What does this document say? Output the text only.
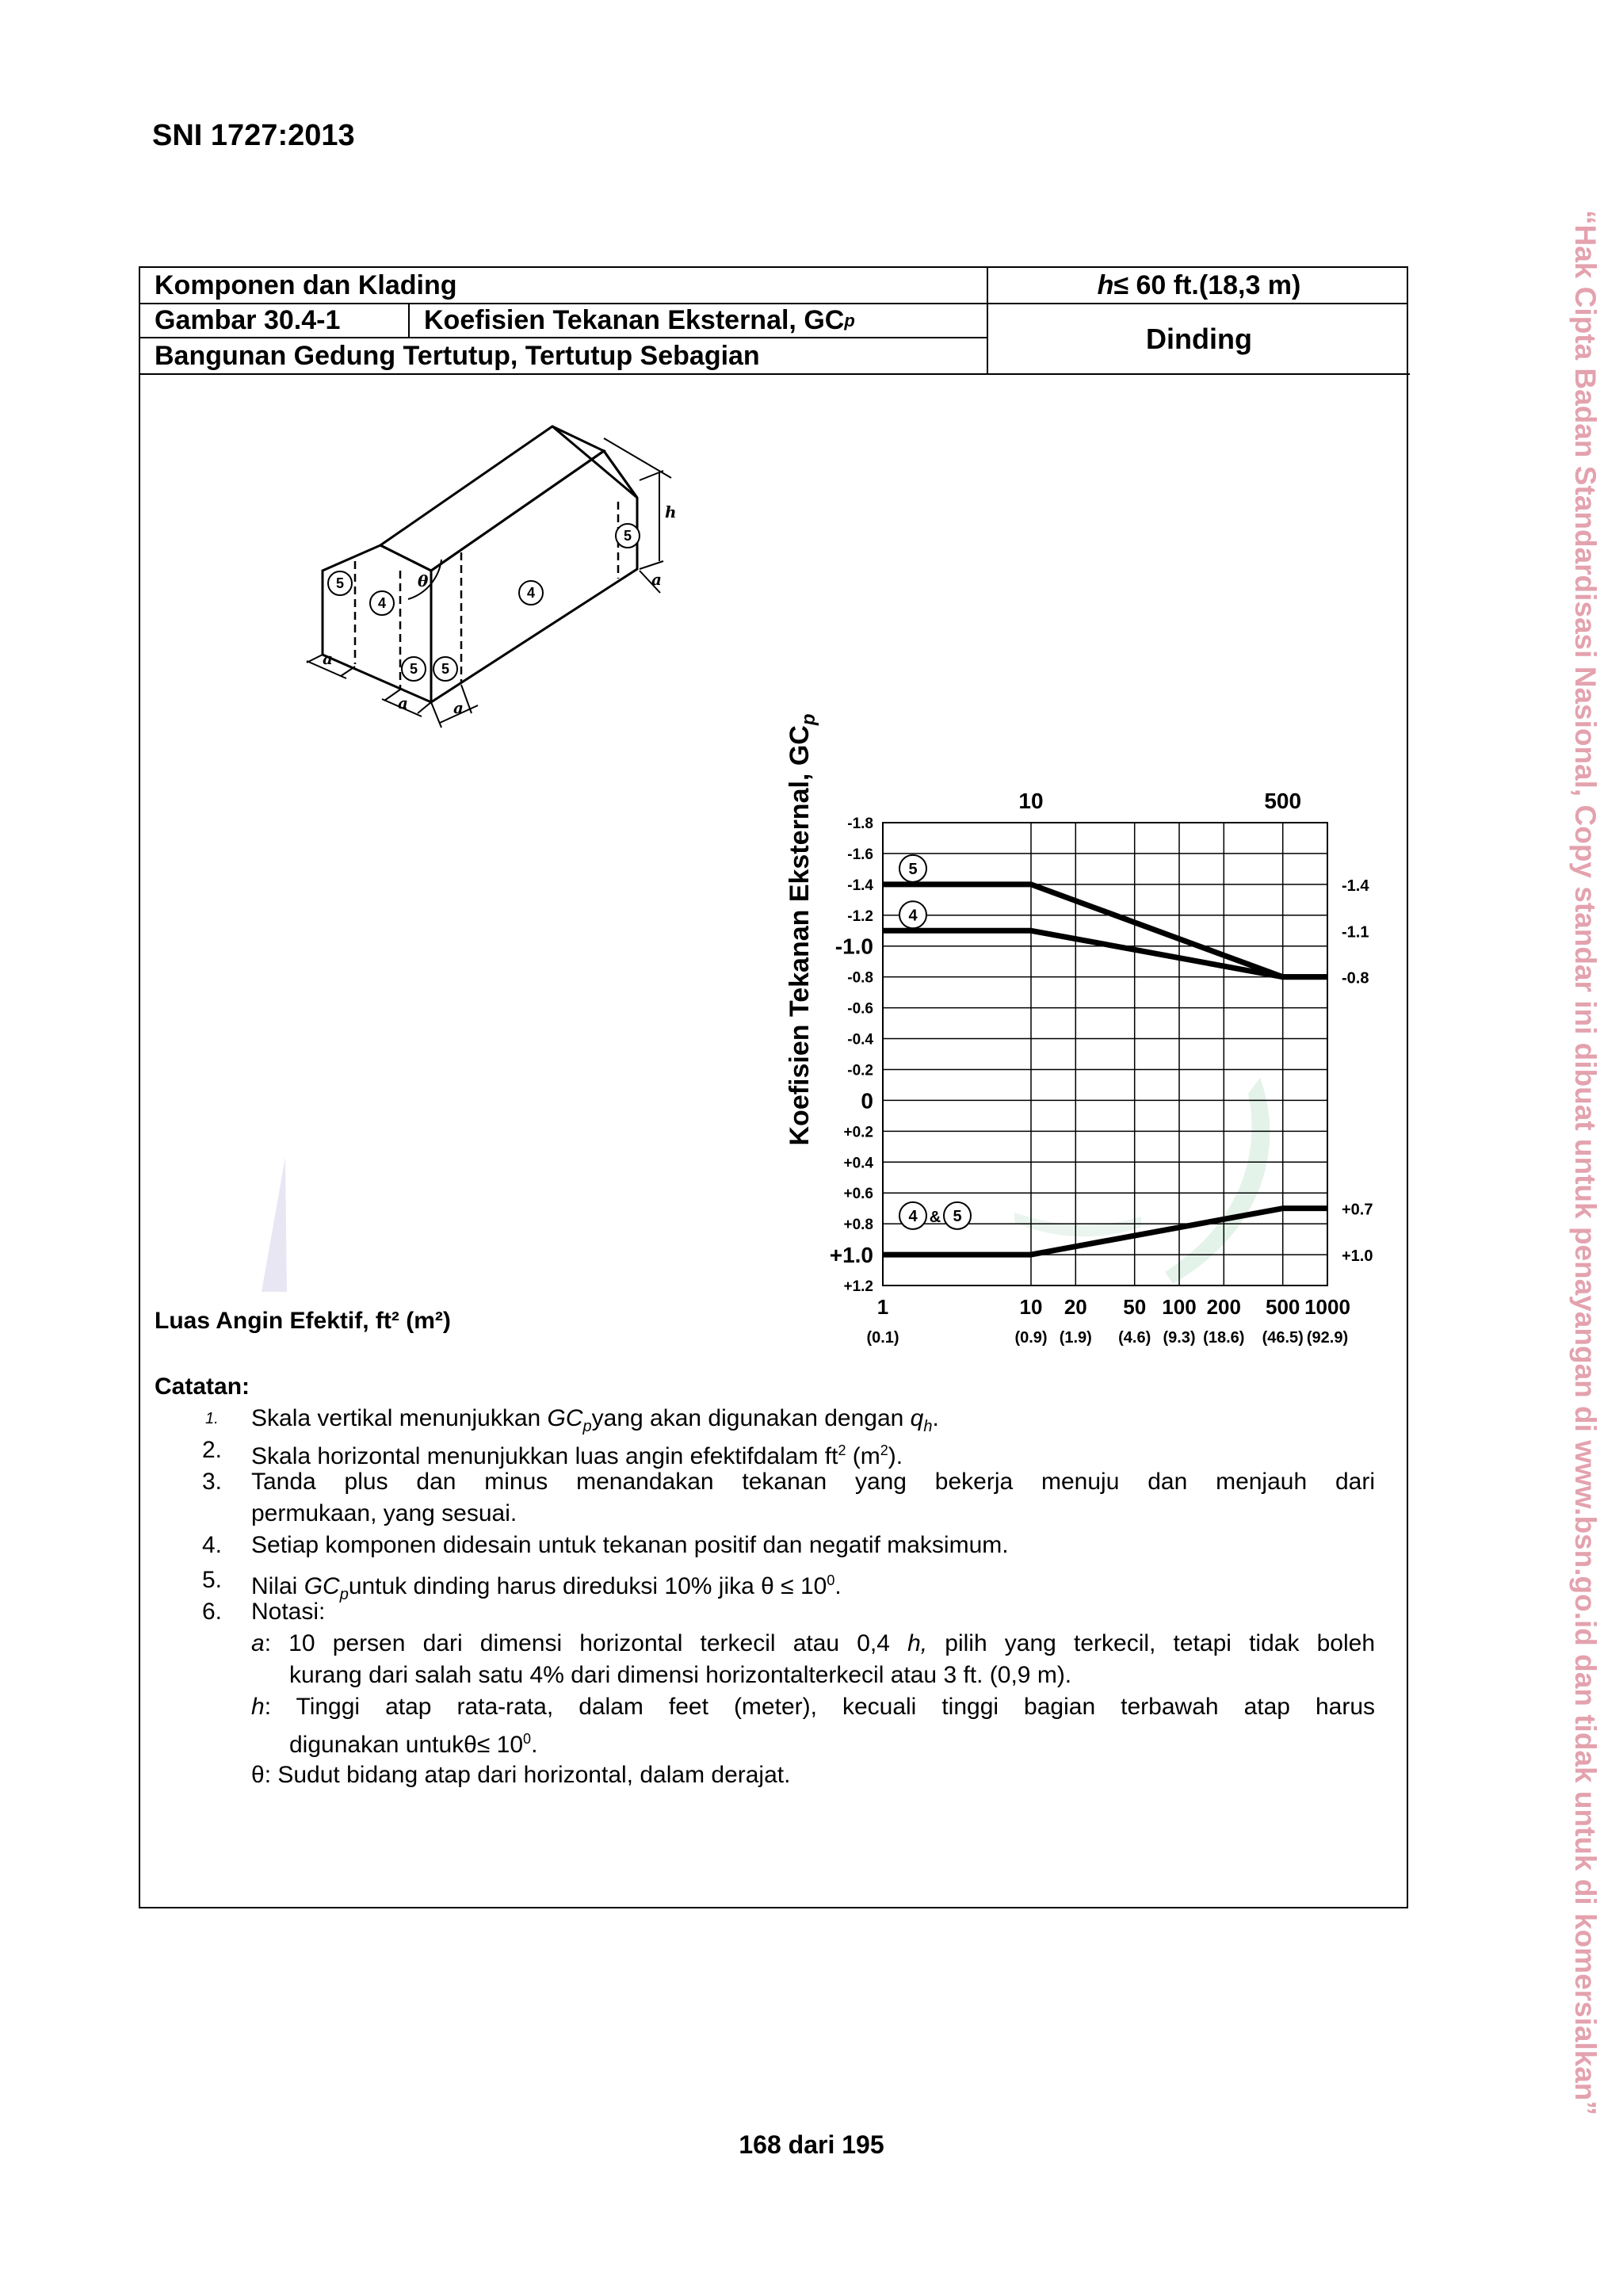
SNI 1727:2013
“Hak Cipta Badan Standardisasi Nasional, Copy standar ini dibuat untuk penayangan di www.bsn.go.id dan tidak untuk di komersialkan”
Komponen dan Klading	h ≤ 60 ft.(18,3 m)
Gambar 30.4-1	Koefisien Tekanan Eksternal, GC p
Bangunan Gedung Tertutup, Tertutup Sebagian
Dinding
5
4
4
5
5 5
θ
h
a
a
a	a
Koefisien Tekanan Eksternal, $GC_p$
-1.8
-1.6
-1.4
-1.2
-1.0
-0.8
-0.6
-0.4
-0.2
0
+0.2
+0.4
+0.6
+0.8
+1.0
+1.2
1
(0.1)
10
(0.9)
20
(1.9)
50
(4.6)
100
(9.3)
200
(18.6)
500
(46.5)
1000
(92.9)
10	500
-1.4
-1.1
-0.8
+0.7
+1.0
5
4
4 & 5
Luas Angin Efektif, ft² (m²)
Catatan:
1. Skala vertikal menunjukkan $GC_pyang$ akan digunakan dengan $q_h$.
2. Skala horizontal menunjukkan luas angin efektifdalam $ft^2$ $(m^2)$.
3. Tanda plus dan minus menandakan tekanan yang bekerja menuju dan menjauh dari
permukaan, yang sesuai.
4. Setiap komponen didesain untuk tekanan positif dan negatif maksimum.
5. Nilai $GC_puntuk$ dinding harus direduksi 10% jika $\theta \le 10^0$.
6. Notasi:
a: 10 persen dari dimensi horizontal terkecil atau 0,4 h, pilih yang terkecil, tetapi tidak boleh
kurang dari salah satu 4% dari dimensi horizontalterkecil atau 3 ft. (0,9 m).
h: Tinggi atap rata-rata, dalam feet (meter), kecuali tinggi bagian terbawah atap harus
digunakan untukθ≤ $10^0$.
θ: Sudut bidang atap dari horizontal, dalam derajat.
168 dari 195
